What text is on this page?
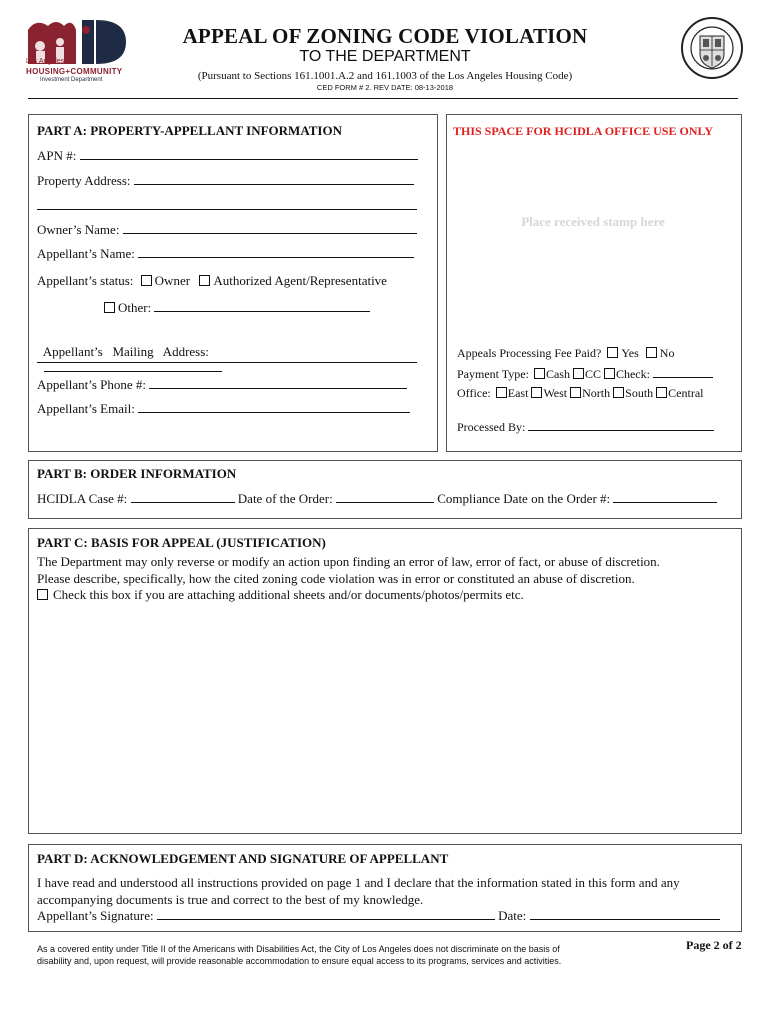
Los Angeles
HOUSING+COMMUNITY
Investment Department
APPEAL OF ZONING CODE VIOLATION
TO THE DEPARTMENT
(Pursuant to Sections 161.1001.A.2 and 161.1003 of the Los Angeles Housing Code)
CED FORM # 2. REV DATE: 08-13-2018
PART A: PROPERTY-APPELLANT INFORMATION
APN #:
Property Address:
Owner’s Name:
Appellant’s Name:
Appellant’s status: Owner Authorized Agent/Representative
Other:

Appellant’s   Mailing   Address:

Appellant’s Phone #:
Appellant’s Email:
THIS SPACE FOR HCIDLA OFFICE USE ONLY
Place received stamp here
Appeals Processing Fee Paid? Yes No
Payment Type: Cash CC Check:
Office: East West North South Central
Processed By:
PART B: ORDER INFORMATION
HCIDLA Case #:	Date of the Order:	Compliance Date on the Order #:
PART C: BASIS FOR APPEAL (JUSTIFICATION)
The Department may only reverse or modify an action upon finding an error of law, error of fact, or abuse of discretion.
Please describe, specifically, how the cited zoning code violation was in error or constituted an abuse of discretion.
Check this box if you are attaching additional sheets and/or documents/photos/permits etc.
PART D: ACKNOWLEDGEMENT AND SIGNATURE OF APPELLANT
I have read and understood all instructions provided on page 1 and I declare that the information stated in this form and any
accompanying documents is true and correct to the best of my knowledge.
Appellant’s Signature:	Date:
As a covered entity under Title II of the Americans with Disabilities Act, the City of Los Angeles does not discriminate on the basis of
disability and, upon request, will provide reasonable accommodation to ensure equal access to its programs, services and activities.
Page 2 of 2
